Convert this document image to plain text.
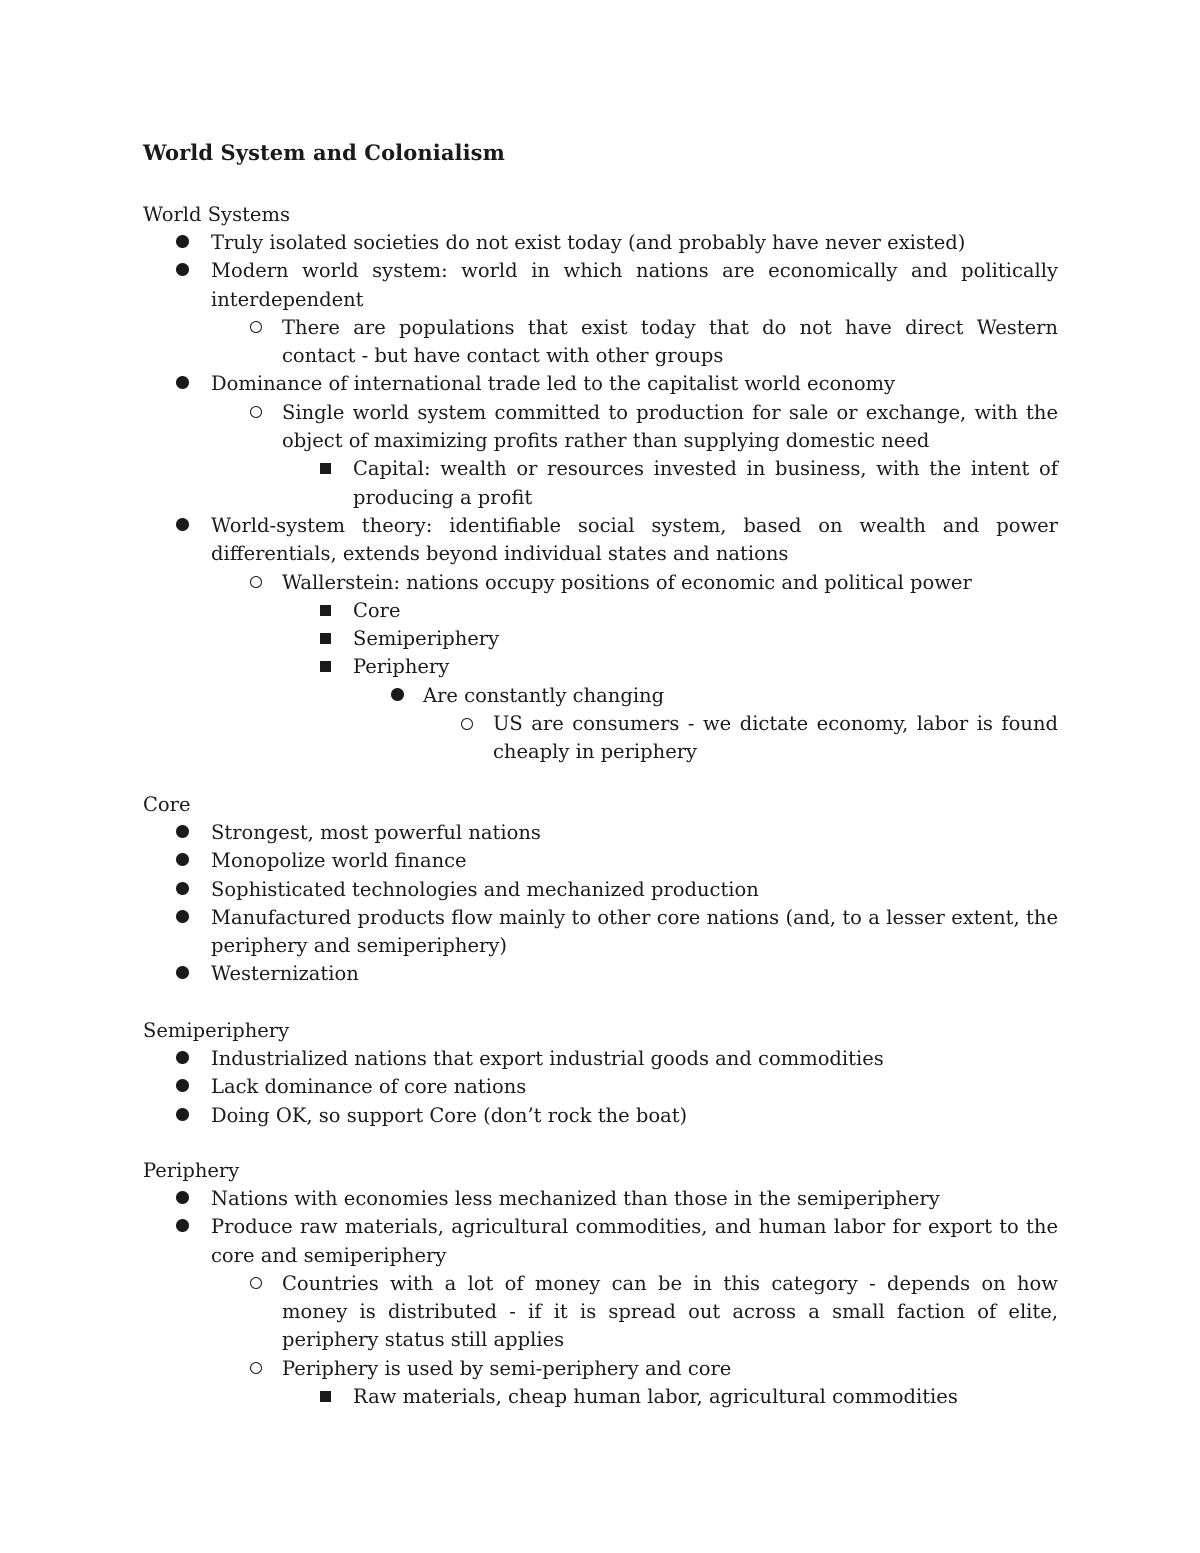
World System and Colonialism
World Systems
Truly isolated societies do not exist today (and probably have never existed)
Modern world system: world in which nations are economically and politically interdependent
There are populations that exist today that do not have direct Western contact - but have contact with other groups
Dominance of international trade led to the capitalist world economy
Single world system committed to production for sale or exchange, with the object of maximizing profits rather than supplying domestic need
Capital: wealth or resources invested in business, with the intent of producing a profit
World-system theory: identifiable social system, based on wealth and power differentials, extends beyond individual states and nations
Wallerstein: nations occupy positions of economic and political power
Core
Semiperiphery
Periphery
Are constantly changing
US are consumers - we dictate economy, labor is found cheaply in periphery
Core
Strongest, most powerful nations
Monopolize world finance
Sophisticated technologies and mechanized production
Manufactured products flow mainly to other core nations (and, to a lesser extent, the periphery and semiperiphery)
Westernization
Semiperiphery
Industrialized nations that export industrial goods and commodities
Lack dominance of core nations
Doing OK, so support Core (don’t rock the boat)
Periphery
Nations with economies less mechanized than those in the semiperiphery
Produce raw materials, agricultural commodities, and human labor for export to the core and semiperiphery
Countries with a lot of money can be in this category - depends on how money is distributed - if it is spread out across a small faction of elite, periphery status still applies
Periphery is used by semi-periphery and core
Raw materials, cheap human labor, agricultural commodities
